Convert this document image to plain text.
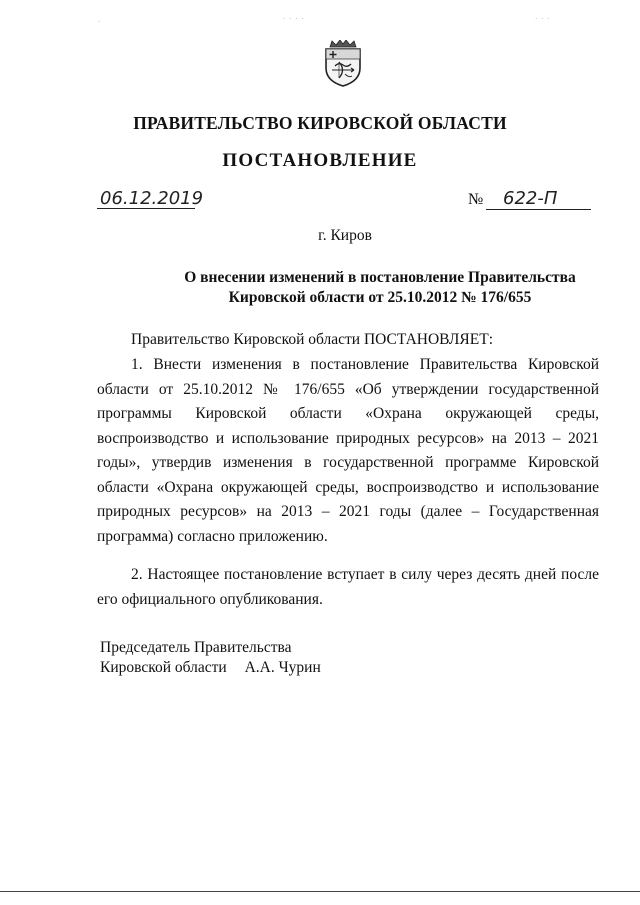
· · · ·	· · ·
·
ПРАВИТЕЛЬСТВО КИРОВСКОЙ ОБЛАСТИ
ПОСТАНОВЛЕНИЕ
06.12.2019	№ 622-П
г. Киров
О внесении изменений в постановление Правительства
Кировской области от 25.10.2012 № 176/655
Правительство Кировской области ПОСТАНОВЛЯЕТ:
1. Внести изменения в постановление Правительства Кировской области от 25.10.2012 № 176/655 «Об утверждении государственной программы Кировской области «Охрана окружающей среды, воспроизводство и использование природных ресурсов» на 2013 – 2021 годы», утвердив изменения в государственной программе Кировской области «Охрана окружающей среды, воспроизводство и использование природных ресурсов» на 2013 – 2021 годы (далее – Государственная программа) согласно приложению.
2. Настоящее постановление вступает в силу через десять дней после его официального опубликования.
Председатель Правительства
Кировской области А.А. Чурин
